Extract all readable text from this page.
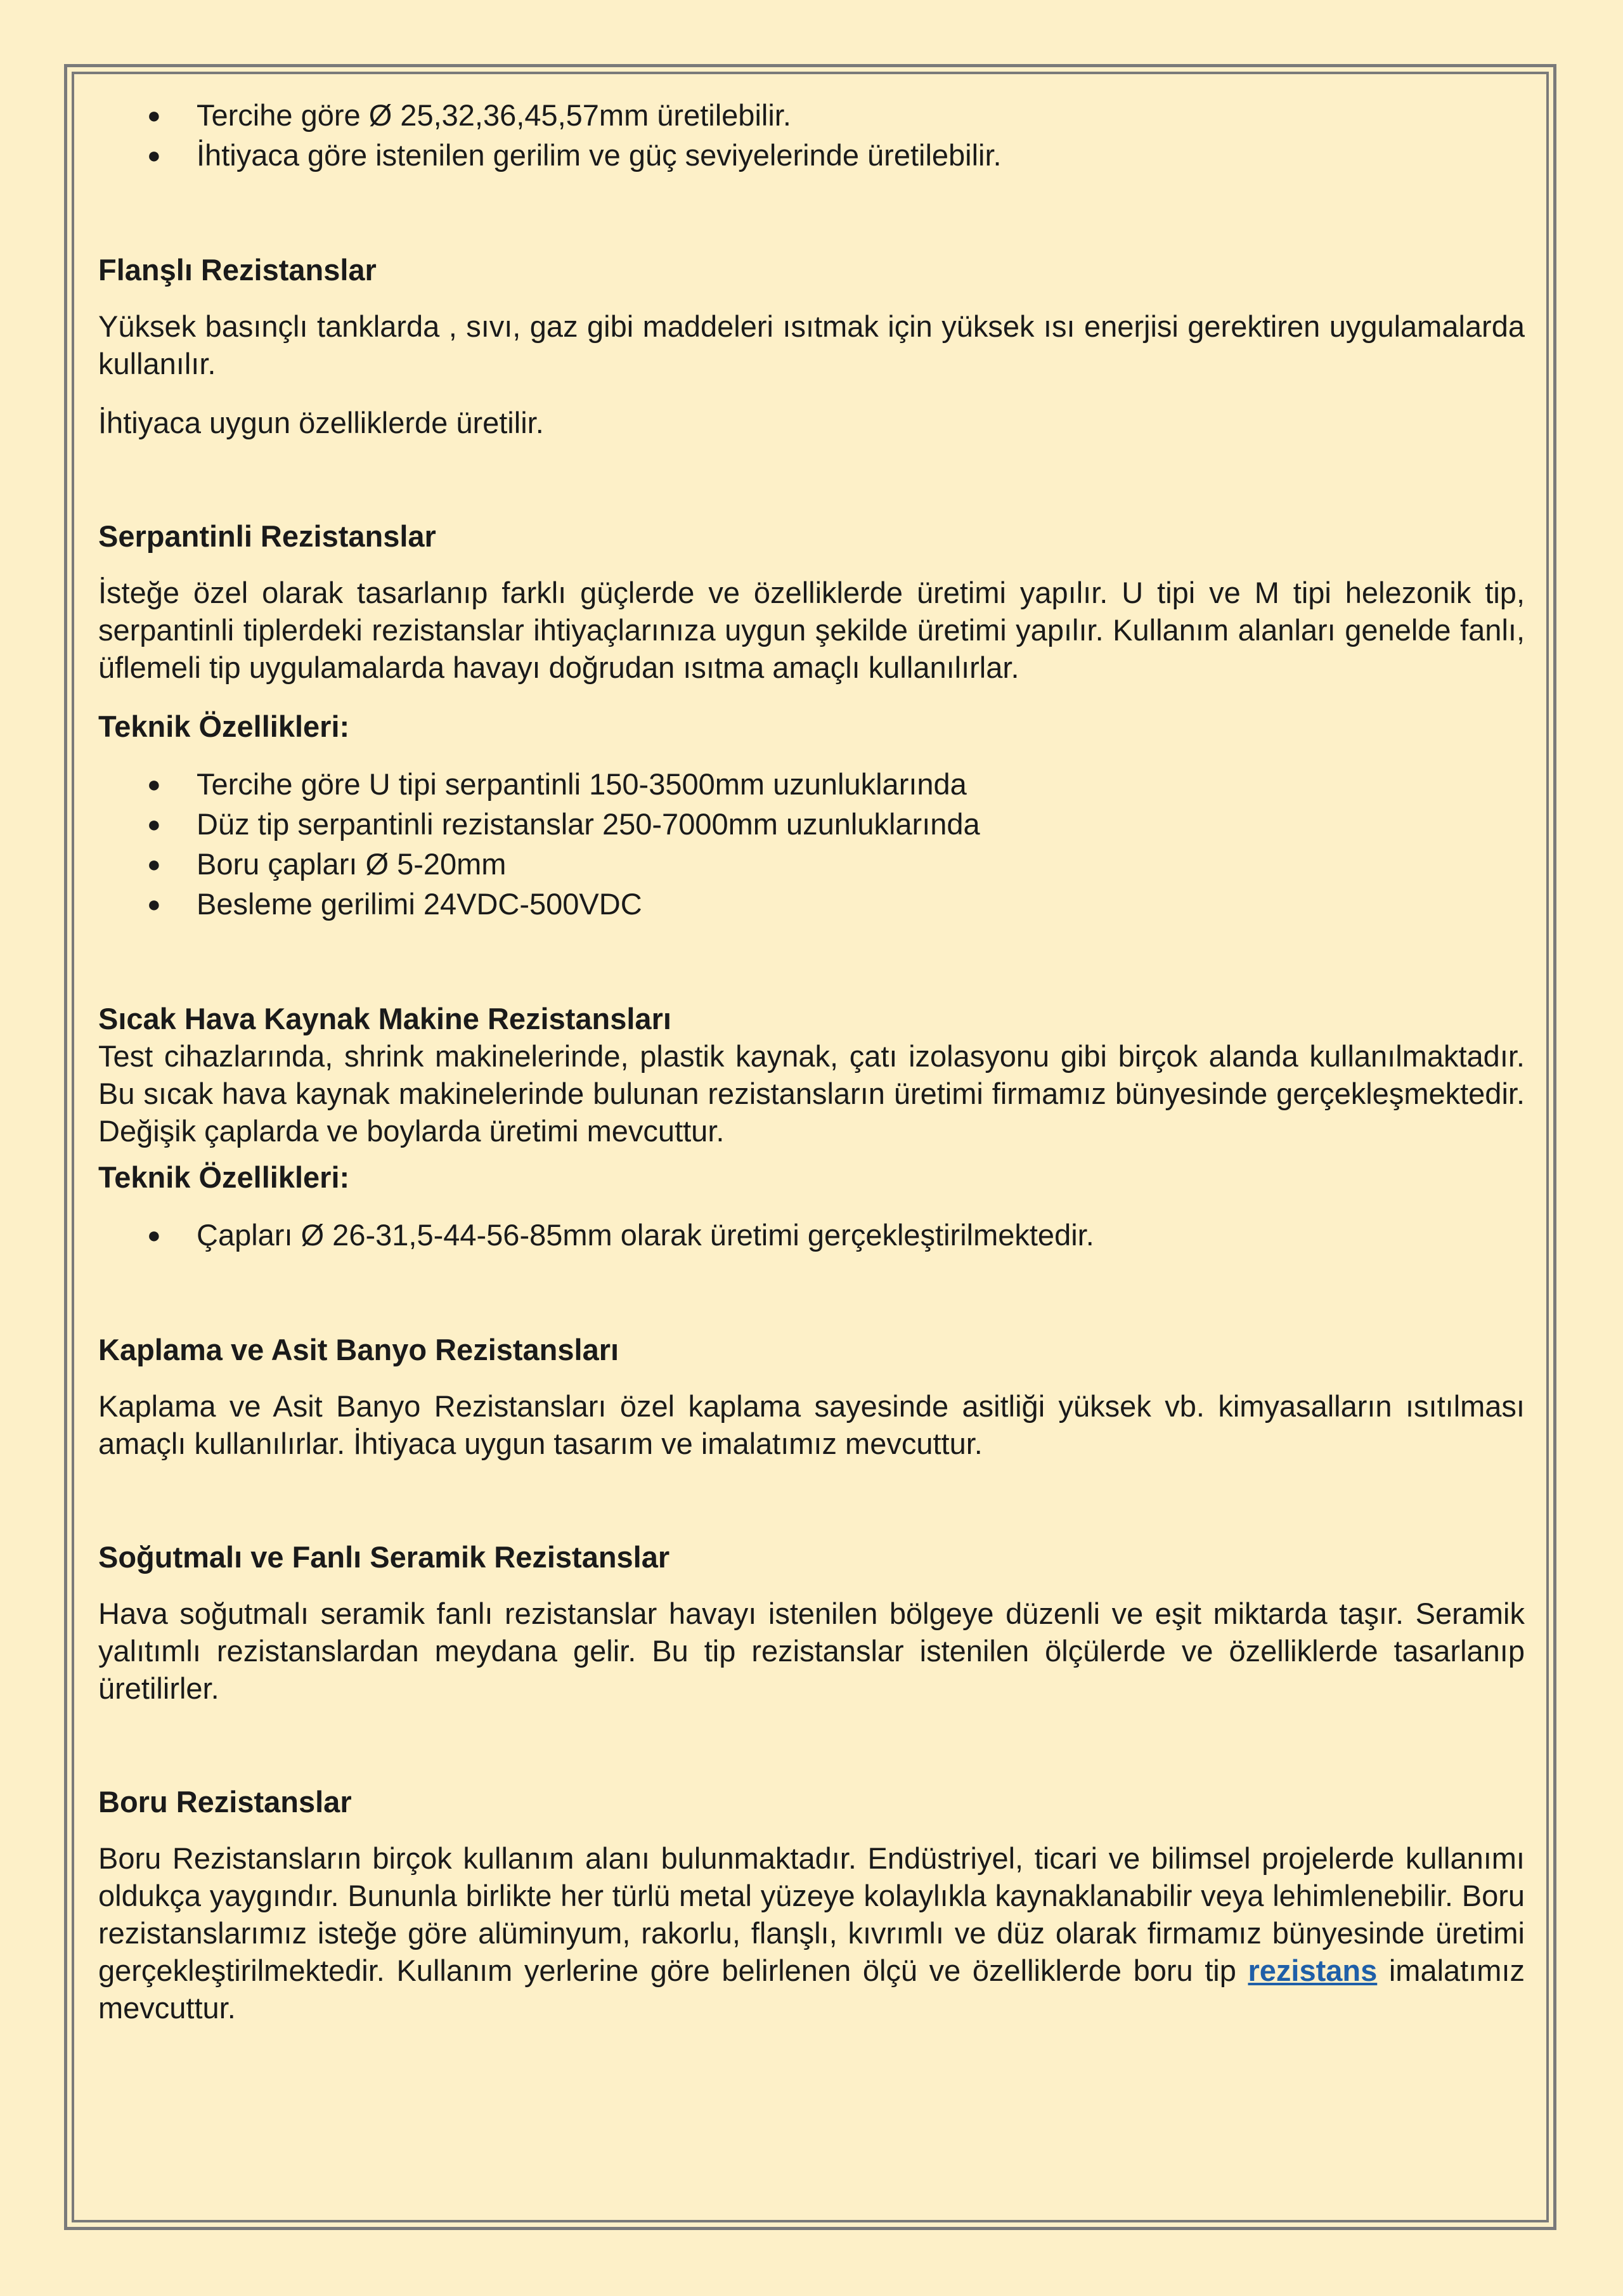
● Tercihe göre Ø 25,32,36,45,57mm üretilebilir.
● İhtiyaca göre istenilen gerilim ve güç seviyelerinde üretilebilir.
Flanşlı Rezistanslar

Yüksek basınçlı tanklarda , sıvı, gaz gibi maddeleri ısıtmak için yüksek ısı enerjisi gerektiren uygulamalarda kullanılır.

İhtiyaca uygun özelliklerde üretilir.

Serpantinli Rezistanslar

İsteğe özel olarak tasarlanıp farklı güçlerde ve özelliklerde üretimi yapılır. U tipi ve M tipi helezonik tip, serpantinli tiplerdeki rezistanslar ihtiyaçlarınıza uygun şekilde üretimi yapılır. Kullanım alanları genelde fanlı, üflemeli tip uygulamalarda havayı doğrudan ısıtma amaçlı kullanılırlar.

Teknik Özellikleri:
● Tercihe göre U tipi serpantinli 150-3500mm uzunluklarında
● Düz tip serpantinli rezistanslar 250-7000mm uzunluklarında
● Boru çapları Ø 5-20mm
● Besleme gerilimi 24VDC-500VDC
Sıcak Hava Kaynak Makine Rezistansları

Test cihazlarında, shrink makinelerinde, plastik kaynak, çatı izolasyonu gibi birçok alanda kullanılmaktadır. Bu sıcak hava kaynak makinelerinde bulunan rezistansların üretimi firmamız bünyesinde gerçekleşmektedir. Değişik çaplarda ve boylarda üretimi mevcuttur.

Teknik Özellikleri:
● Çapları Ø 26-31,5-44-56-85mm olarak üretimi gerçekleştirilmektedir.
Kaplama ve Asit Banyo Rezistansları

Kaplama ve Asit Banyo Rezistansları özel kaplama sayesinde asitliği yüksek vb. kimyasalların ısıtılması amaçlı kullanılırlar. İhtiyaca uygun tasarım ve imalatımız mevcuttur.

Soğutmalı ve Fanlı Seramik Rezistanslar

Hava soğutmalı seramik fanlı rezistanslar havayı istenilen bölgeye düzenli ve eşit miktarda taşır. Seramik yalıtımlı rezistanslardan meydana gelir. Bu tip rezistanslar istenilen ölçülerde ve özelliklerde tasarlanıp üretilirler.

Boru Rezistanslar

Boru Rezistansların birçok kullanım alanı bulunmaktadır. Endüstriyel, ticari ve bilimsel projelerde kullanımı oldukça yaygındır. Bununla birlikte her türlü metal yüzeye kolaylıkla kaynaklanabilir veya lehimlenebilir. Boru rezistanslarımız isteğe göre alüminyum, rakorlu, flanşlı, kıvrımlı ve düz olarak firmamız bünyesinde üretimi gerçekleştirilmektedir. Kullanım yerlerine göre belirlenen ölçü ve özelliklerde boru tip rezistans imalatımız mevcuttur.
